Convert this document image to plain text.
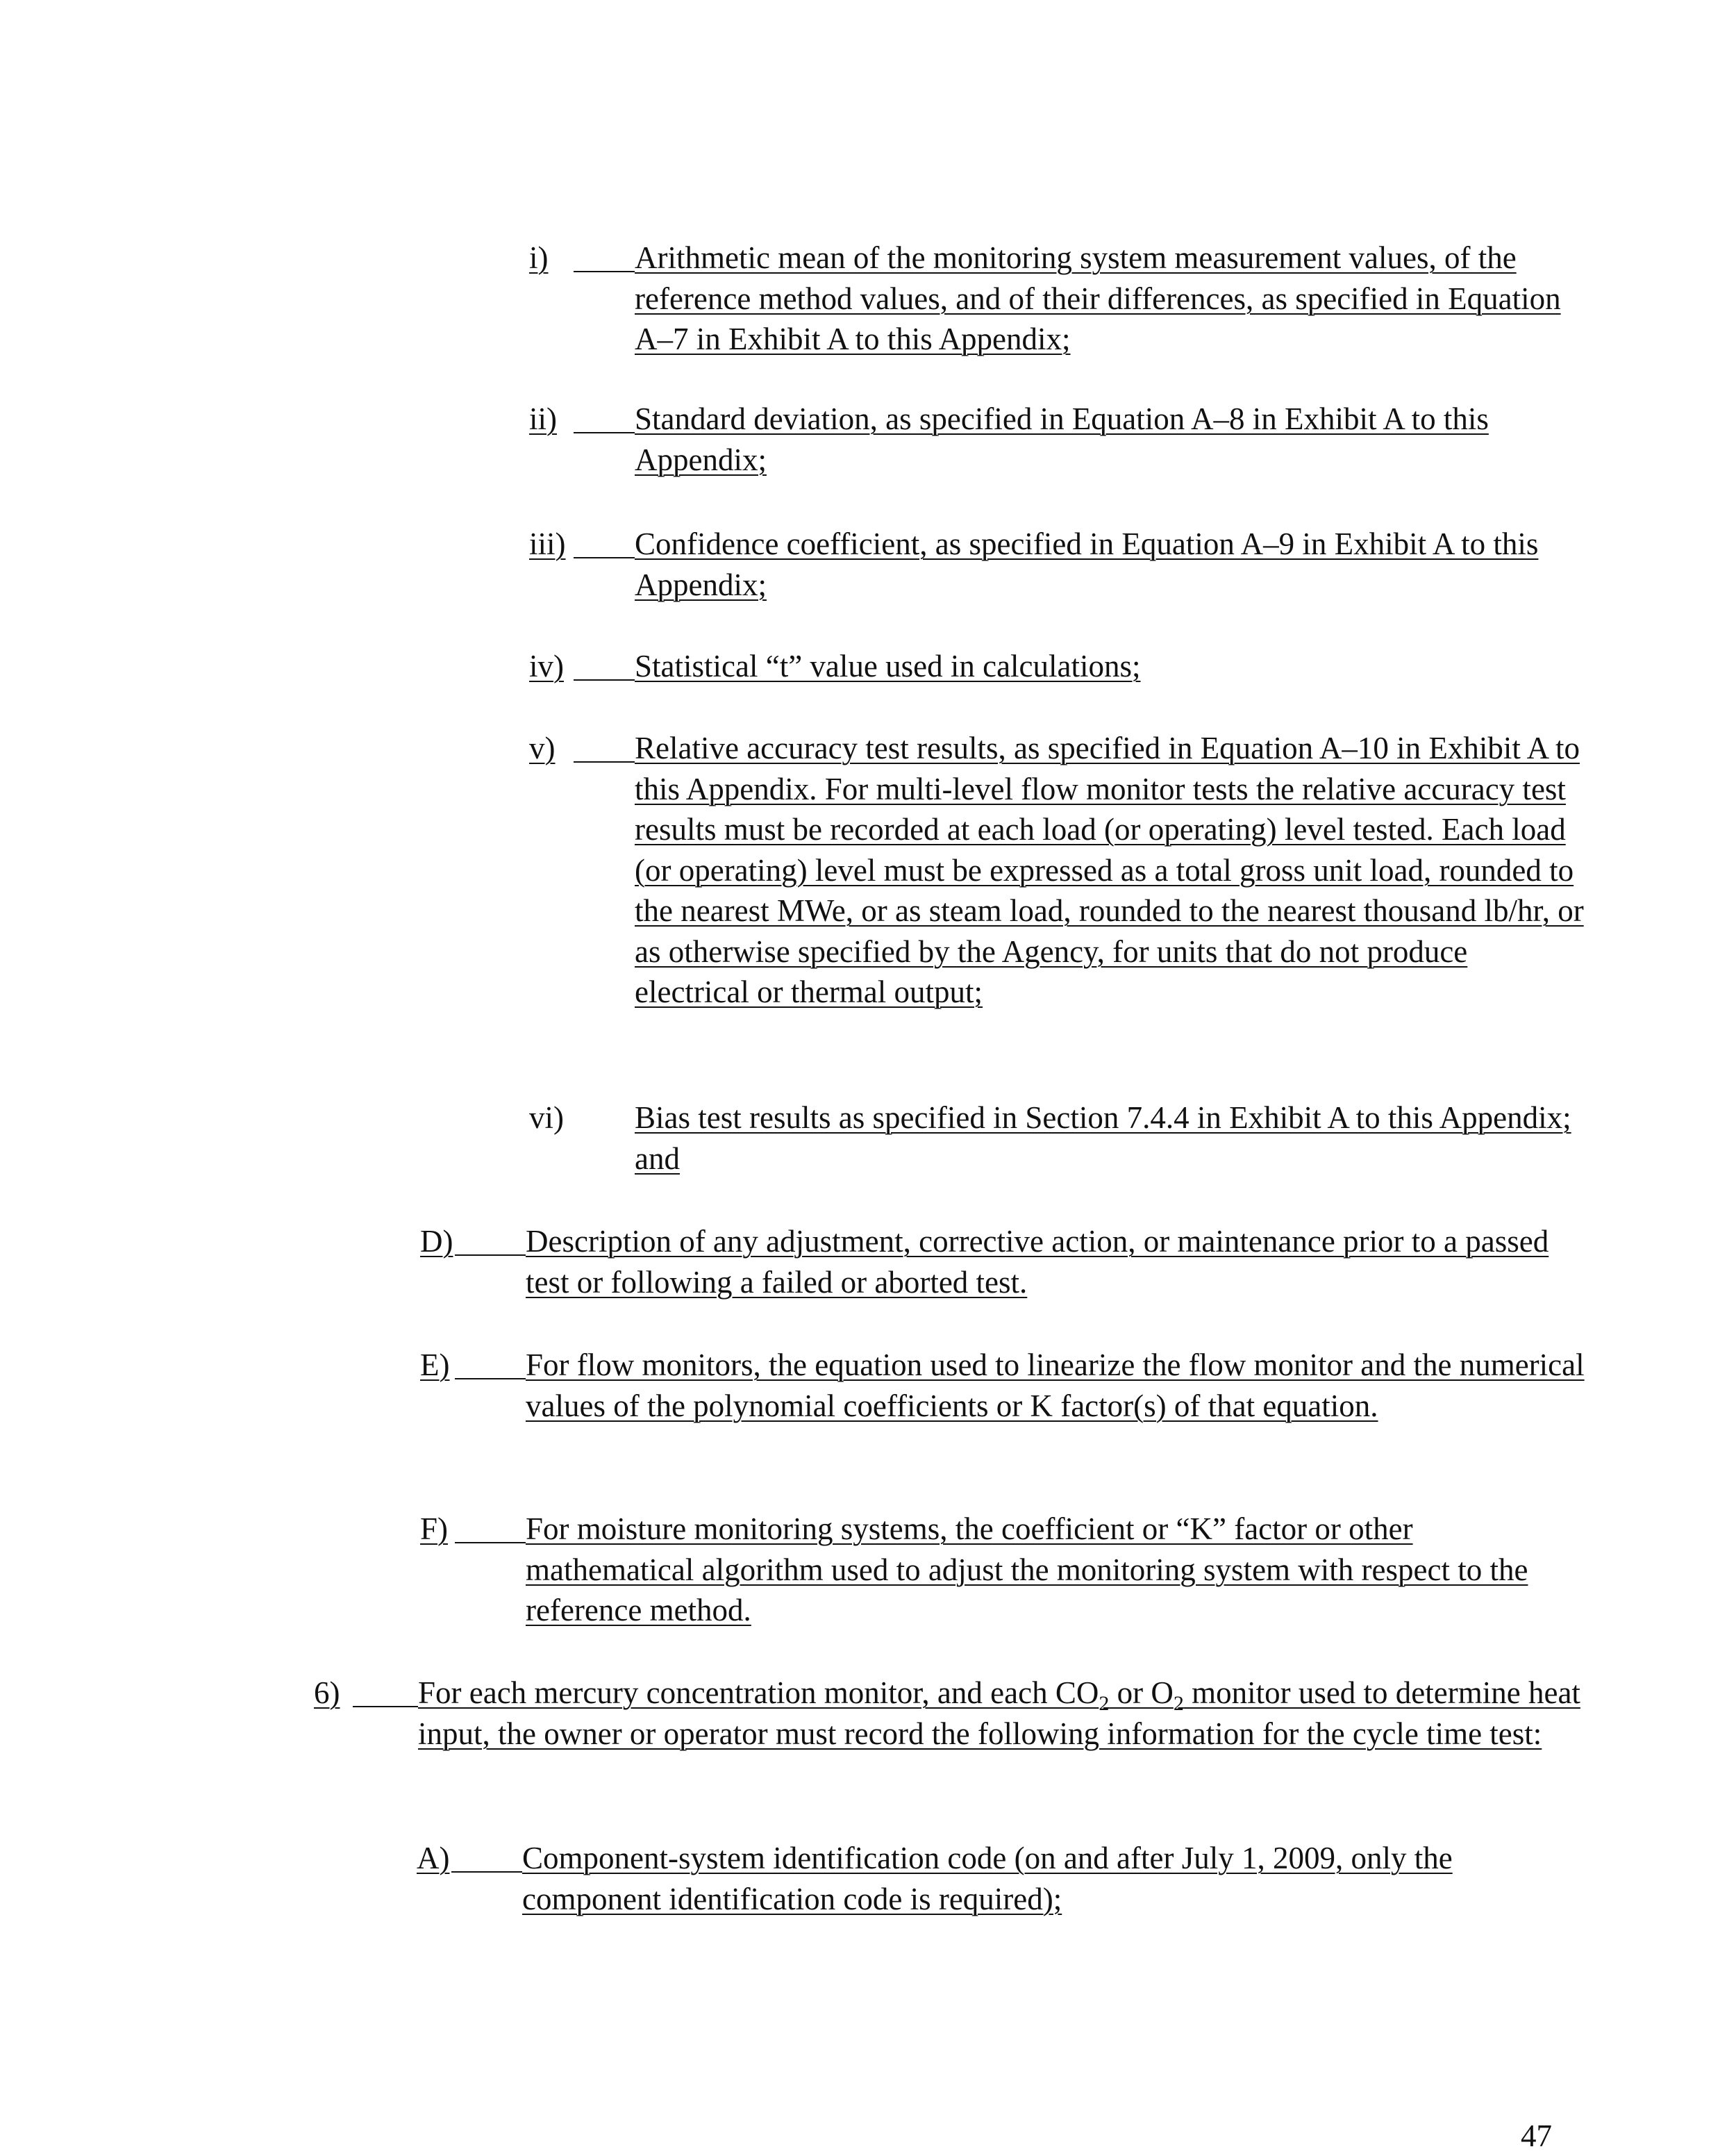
i)	Arithmetic mean of the monitoring system measurement values, of the reference method values, and of their differences, as specified in Equation A–7 in Exhibit A to this Appendix;
ii) Standard deviation, as specified in Equation A–8 in Exhibit A to this Appendix;
iii) Confidence coefficient, as specified in Equation A–9 in Exhibit A to this Appendix;
iv) Statistical “t” value used in calculations;
v)	Relative accuracy test results, as specified in Equation A–10 in Exhibit A to this Appendix. For multi-level flow monitor tests the relative accuracy test results must be recorded at each load (or operating) level tested. Each load (or operating) level must be expressed as a total gross unit load, rounded to the nearest MWe, or as steam load, rounded to the nearest thousand lb/hr, or as otherwise specified by the Agency, for units that do not produce electrical or thermal output;
vi) Bias test results as specified in Section 7.4.4 in Exhibit A to this Appendix; and
D) Description of any adjustment, corrective action, or maintenance prior to a passed test or following a failed or aborted test.
E) For flow monitors, the equation used to linearize the flow monitor and the numerical values of the polynomial coefficients or K factor(s) of that equation.
F) For moisture monitoring systems, the coefficient or “K” factor or other mathematical algorithm used to adjust the monitoring system with respect to the reference method.
6)	For each mercury concentration monitor, and each $CO_2$ or $O_2$ monitor used to determine heat input, the owner or operator must record the following information for the cycle time test:
A) Component-system identification code (on and after July 1, 2009, only the component identification code is required);
47
